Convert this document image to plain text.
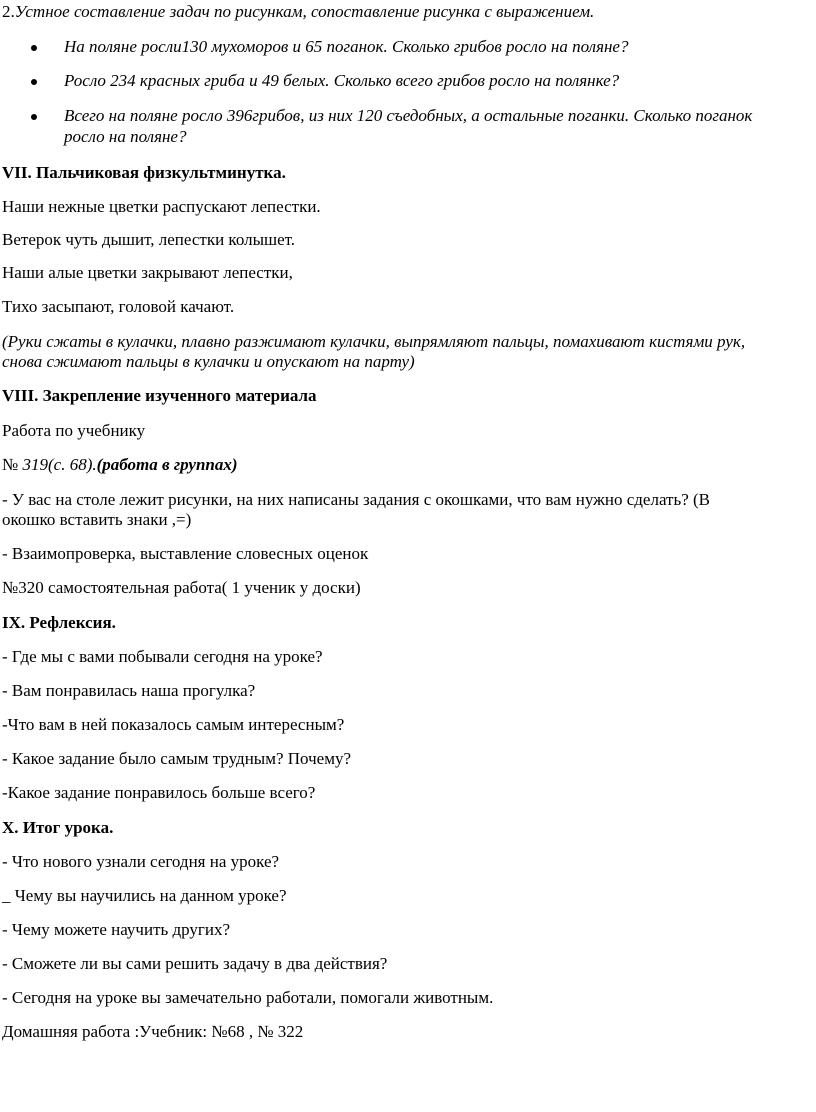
2.Устное составление задач по рисункам, сопоставление рисунка с выражением.
На поляне росли130 мухоморов и 65 поганок. Сколько грибов росло на поляне?
Росло 234 красных гриба и 49 белых. Сколько всего грибов росло на полянке?
Всего на поляне росло 396грибов, из них 120 съедобных, а остальные поганки. Сколько поганок
росло на поляне?
VII. Пальчиковая физкультминутка.
Наши нежные цветки распускают лепестки.
Ветерок чуть дышит, лепестки колышет.
Наши алые цветки закрывают лепестки,
Тихо засыпают, головой качают.
(Руки сжаты в кулачки, плавно разжимают кулачки, выпрямляют пальцы, помахивают кистями рук,
снова сжимают пальцы в кулачки и опускают на парту)
VIII. Закрепление изученного материала
Работа по учебнику
№ 319(с. 68).(работа в группах)
- У вас на столе лежит рисунки, на них написаны задания с окошками, что вам нужно сделать? (В
окошко вставить знаки ,=)
- Взаимопроверка, выставление словесных оценок
№320 самостоятельная работа( 1 ученик у доски)
IX. Рефлексия.
- Где мы с вами побывали сегодня на уроке?
- Вам понравилась наша прогулка?
-Что вам в ней показалось самым интересным?
- Какое задание было самым трудным? Почему?
-Какое задание понравилось больше всего?
X. Итог урока.
- Что нового узнали сегодня на уроке?
_ Чему вы научились на данном уроке?
- Чему можете научить других?
- Сможете ли вы сами решить задачу в два действия?
- Сегодня на уроке вы замечательно работали, помогали животным.
Домашняя работа :Учебник: №68 , № 322
